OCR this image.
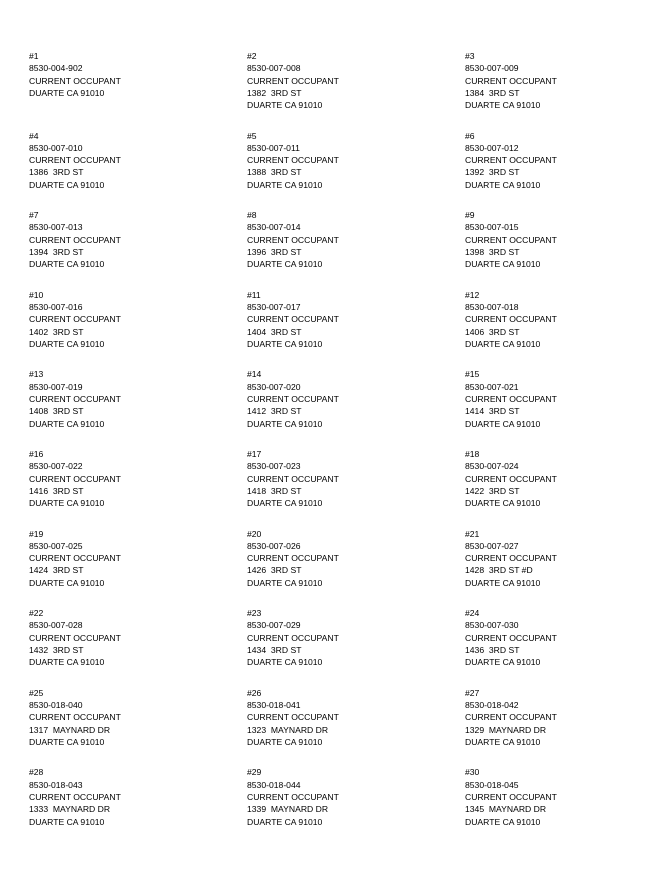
#1
8530-004-902
CURRENT OCCUPANT
DUARTE CA 91010
#2
8530-007-008
CURRENT OCCUPANT
1382  3RD ST
DUARTE CA 91010
#3
8530-007-009
CURRENT OCCUPANT
1384  3RD ST
DUARTE CA 91010
#4
8530-007-010
CURRENT OCCUPANT
1386  3RD ST
DUARTE CA 91010
#5
8530-007-011
CURRENT OCCUPANT
1388  3RD ST
DUARTE CA 91010
#6
8530-007-012
CURRENT OCCUPANT
1392  3RD ST
DUARTE CA 91010
#7
8530-007-013
CURRENT OCCUPANT
1394  3RD ST
DUARTE CA 91010
#8
8530-007-014
CURRENT OCCUPANT
1396  3RD ST
DUARTE CA 91010
#9
8530-007-015
CURRENT OCCUPANT
1398  3RD ST
DUARTE CA 91010
#10
8530-007-016
CURRENT OCCUPANT
1402  3RD ST
DUARTE CA 91010
#11
8530-007-017
CURRENT OCCUPANT
1404  3RD ST
DUARTE CA 91010
#12
8530-007-018
CURRENT OCCUPANT
1406  3RD ST
DUARTE CA 91010
#13
8530-007-019
CURRENT OCCUPANT
1408  3RD ST
DUARTE CA 91010
#14
8530-007-020
CURRENT OCCUPANT
1412  3RD ST
DUARTE CA 91010
#15
8530-007-021
CURRENT OCCUPANT
1414  3RD ST
DUARTE CA 91010
#16
8530-007-022
CURRENT OCCUPANT
1416  3RD ST
DUARTE CA 91010
#17
8530-007-023
CURRENT OCCUPANT
1418  3RD ST
DUARTE CA 91010
#18
8530-007-024
CURRENT OCCUPANT
1422  3RD ST
DUARTE CA 91010
#19
8530-007-025
CURRENT OCCUPANT
1424  3RD ST
DUARTE CA 91010
#20
8530-007-026
CURRENT OCCUPANT
1426  3RD ST
DUARTE CA 91010
#21
8530-007-027
CURRENT OCCUPANT
1428  3RD ST #D
DUARTE CA 91010
#22
8530-007-028
CURRENT OCCUPANT
1432  3RD ST
DUARTE CA 91010
#23
8530-007-029
CURRENT OCCUPANT
1434  3RD ST
DUARTE CA 91010
#24
8530-007-030
CURRENT OCCUPANT
1436  3RD ST
DUARTE CA 91010
#25
8530-018-040
CURRENT OCCUPANT
1317  MAYNARD DR
DUARTE CA 91010
#26
8530-018-041
CURRENT OCCUPANT
1323  MAYNARD DR
DUARTE CA 91010
#27
8530-018-042
CURRENT OCCUPANT
1329  MAYNARD DR
DUARTE CA 91010
#28
8530-018-043
CURRENT OCCUPANT
1333  MAYNARD DR
DUARTE CA 91010
#29
8530-018-044
CURRENT OCCUPANT
1339  MAYNARD DR
DUARTE CA 91010
#30
8530-018-045
CURRENT OCCUPANT
1345  MAYNARD DR
DUARTE CA 91010
